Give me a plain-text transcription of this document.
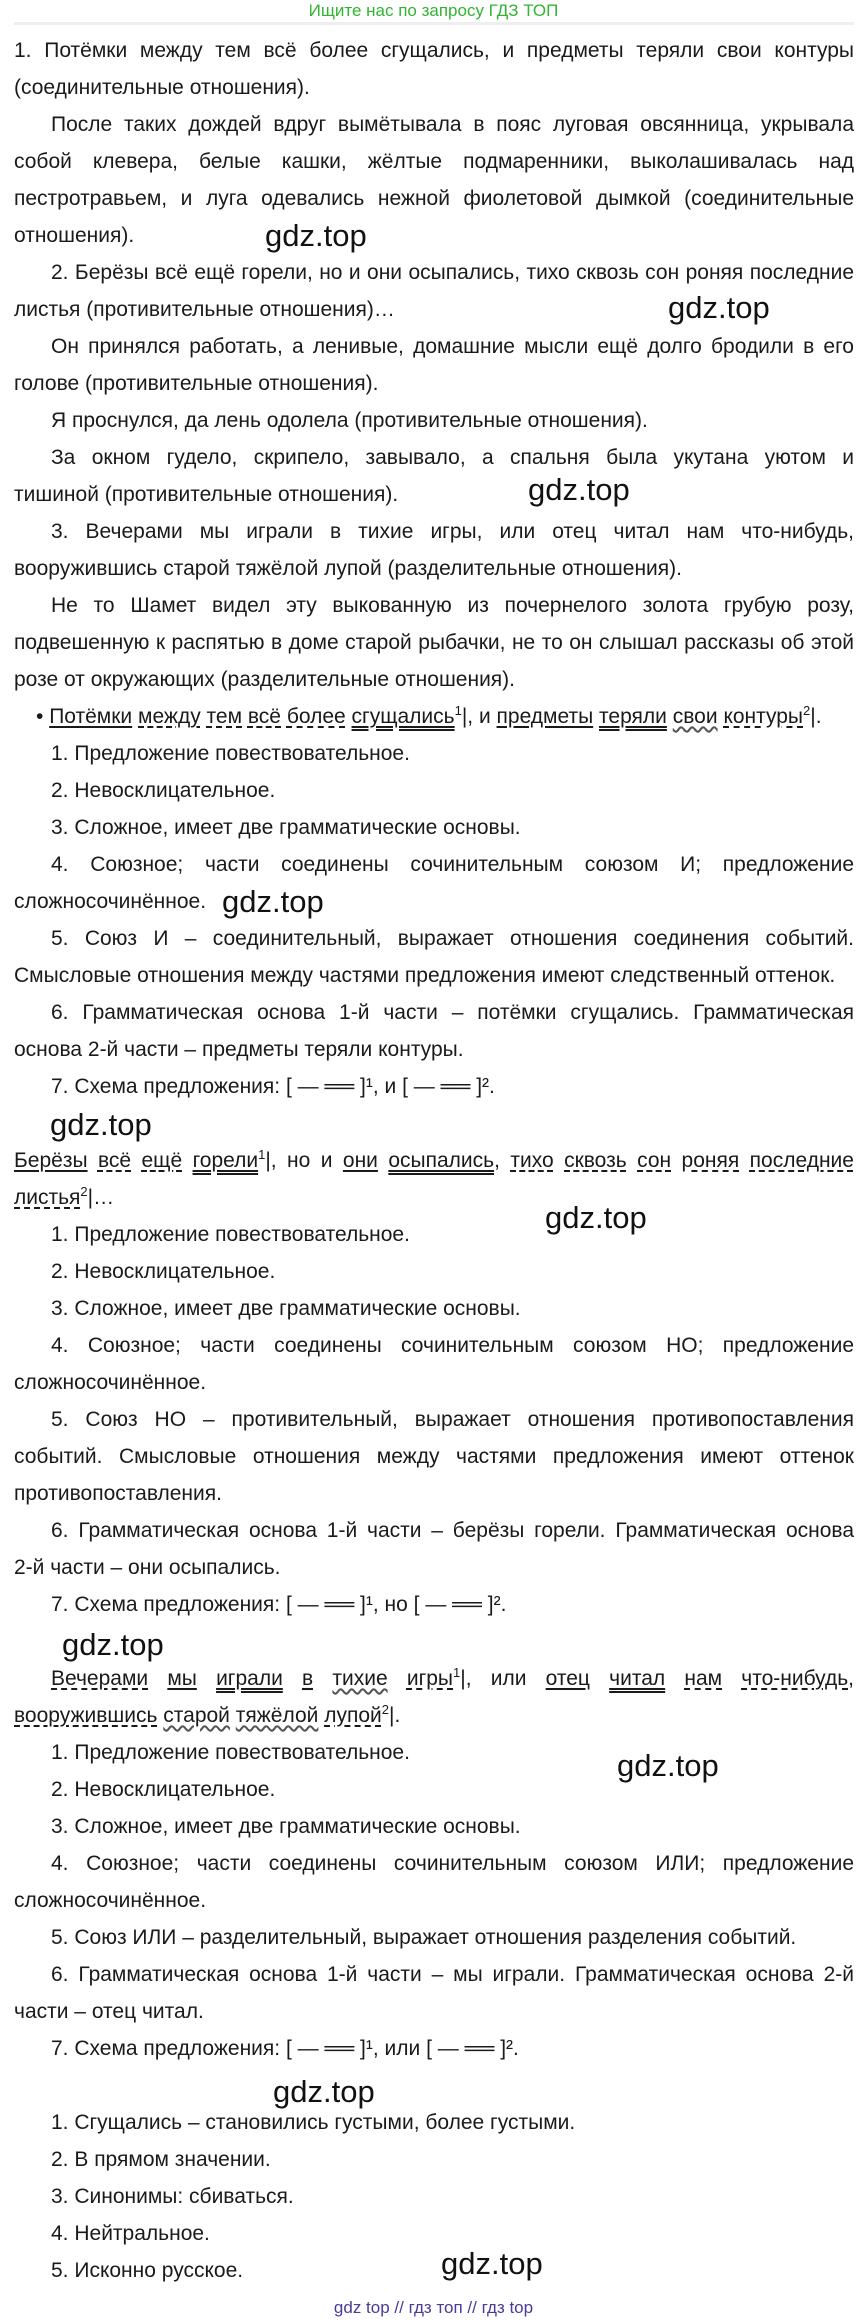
Ищите нас по запросу ГДЗ ТОП
1. Потёмки между тем всё более сгущались, и предметы теряли свои контуры
(соединительные отношения).
После таких дождей вдруг вымётывала в пояс луговая овсянница, укрывала
собой клевера, белые кашки, жёлтые подмаренники, выколашивалась над
пестротравьем, и луга одевались нежной фиолетовой дымкой (соединительные
отношения).
2. Берёзы всё ещё горели, но и они осыпались, тихо сквозь сон роняя последние
листья (противительные отношения)…
Он принялся работать, а ленивые, домашние мысли ещё долго бродили в его
голове (противительные отношения).
Я проснулся, да лень одолела (противительные отношения).
За окном гудело, скрипело, завывало, а спальня была укутана уютом и
тишиной (противительные отношения).
3. Вечерами мы играли в тихие игры, или отец читал нам что-нибудь,
вооружившись старой тяжёлой лупой (разделительные отношения).
Не то Шамет видел эту выкованную из почернелого золота грубую розу,
подвешенную к распятью в доме старой рыбачки, не то он слышал рассказы об этой
розе от окружающих (разделительные отношения).
• Потёмки между тем всё более сгущались$^1$|, и предметы теряли свои контуры$^2$|.
1. Предложение повествовательное.
2. Невосклицательное.
3. Сложное, имеет две грамматические основы.
4. Союзное; части соединены сочинительным союзом И; предложение
сложносочинённое.
5. Союз И – соединительный, выражает отношения соединения событий.
Смысловые отношения между частями предложения имеют следственный оттенок.
6. Грамматическая основа 1-й части – потёмки сгущались. Грамматическая
основа 2-й части – предметы теряли контуры.
7. Схема предложения: [ — ══ ]¹, и [ — ══ ]².
Берёзы всё ещё горели$^1$|, но и они осыпались, тихо сквозь сон роняя последние
листья$^2$|…
1. Предложение повествовательное.
2. Невосклицательное.
3. Сложное, имеет две грамматические основы.
4. Союзное; части соединены сочинительным союзом НО; предложение
сложносочинённое.
5. Союз НО – противительный, выражает отношения противопоставления
событий. Смысловые отношения между частями предложения имеют оттенок
противопоставления.
6. Грамматическая основа 1-й части – берёзы горели. Грамматическая основа
2-й части – они осыпались.
7. Схема предложения: [ — ══ ]¹, но [ — ══ ]².
Вечерами мы играли в тихие игры$^1$|, или отец читал нам что-нибудь,
вооружившись старой тяжёлой лупой$^2$|.
1. Предложение повествовательное.
2. Невосклицательное.
3. Сложное, имеет две грамматические основы.
4. Союзное; части соединены сочинительным союзом ИЛИ; предложение
сложносочинённое.
5. Союз ИЛИ – разделительный, выражает отношения разделения событий.
6. Грамматическая основа 1-й части – мы играли. Грамматическая основа 2-й
части – отец читал.
7. Схема предложения: [ — ══ ]¹, или [ — ══ ]².
1. Сгущались – становились густыми, более густыми.
2. В прямом значении.
3. Синонимы: сбиваться.
4. Нейтральное.
5. Исконно русское.
gdz.top
gdz.top
gdz.top
gdz.top
gdz.top
gdz.top
gdz.top
gdz.top
gdz.top
gdz.top
gdz top // гдз топ // гдз top
